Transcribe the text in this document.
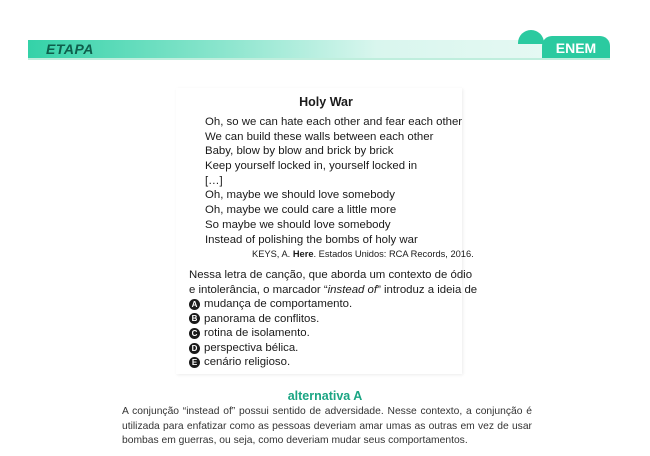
ETAPA	ENEM
Holy War
Oh, so we can hate each other and fear each other
We can build these walls between each other
Baby, blow by blow and brick by brick
Keep yourself locked in, yourself locked in
[…]
Oh, maybe we should love somebody
Oh, maybe we could care a little more
So maybe we should love somebody
Instead of polishing the bombs of holy war
KEYS, A. Here. Estados Unidos: RCA Records, 2016.
Nessa letra de canção, que aborda um contexto de ódio
e intolerância, o marcador “instead of” introduz a ideia de
A mudança de comportamento.
B panorama de conflitos.
C rotina de isolamento.
D perspectiva bélica.
E cenário religioso.
alternativa A
A conjunção “instead of” possui sentido de adversidade. Nesse contexto, a conjunção é utilizada para enfatizar como as pessoas deveriam amar umas as outras em vez de usar bombas em guerras, ou seja, como deveriam mudar seus comportamentos.
